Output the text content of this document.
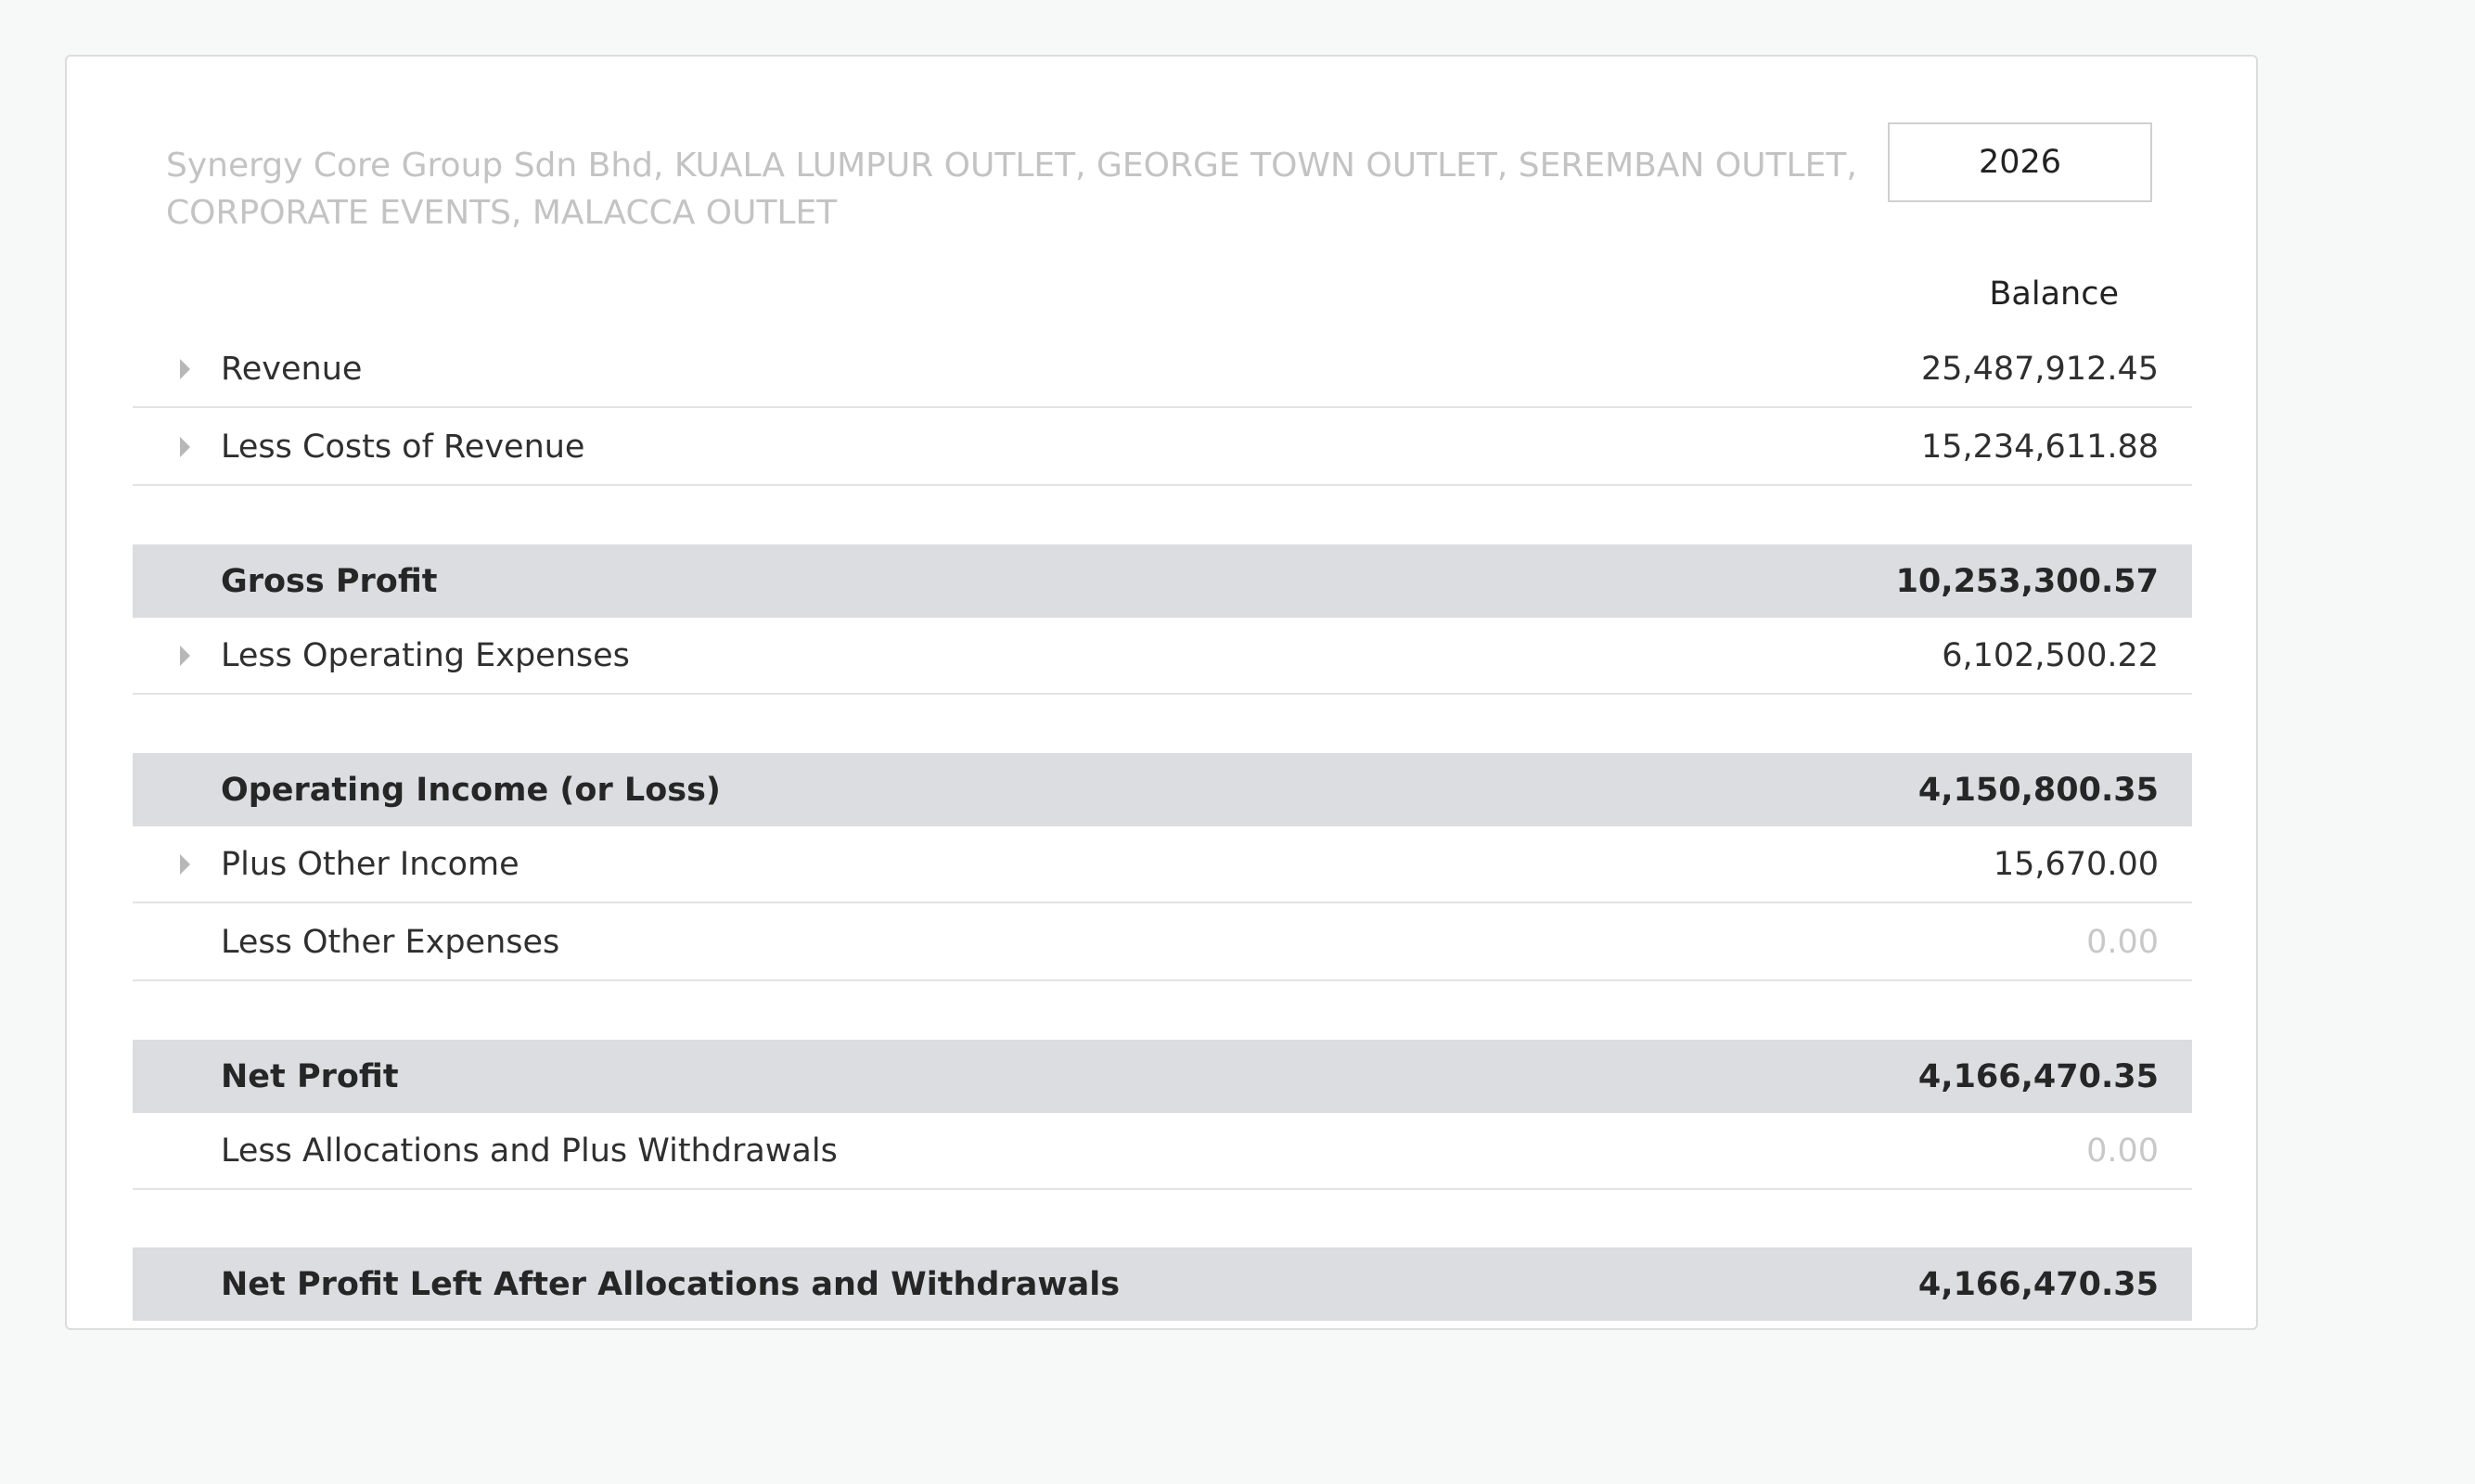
Synergy Core Group Sdn Bhd, KUALA LUMPUR OUTLET, GEORGE TOWN OUTLET, SEREMBAN OUTLET, CORPORATE EVENTS, MALACCA OUTLET
2026
Balance
Revenue	25,487,912.45
Less Costs of Revenue	15,234,611.88
Gross Profit	10,253,300.57
Less Operating Expenses	6,102,500.22
Operating Income (or Loss)	4,150,800.35
Plus Other Income	15,670.00
Less Other Expenses	0.00
Net Profit	4,166,470.35
Less Allocations and Plus Withdrawals	0.00
Net Profit Left After Allocations and Withdrawals	4,166,470.35
